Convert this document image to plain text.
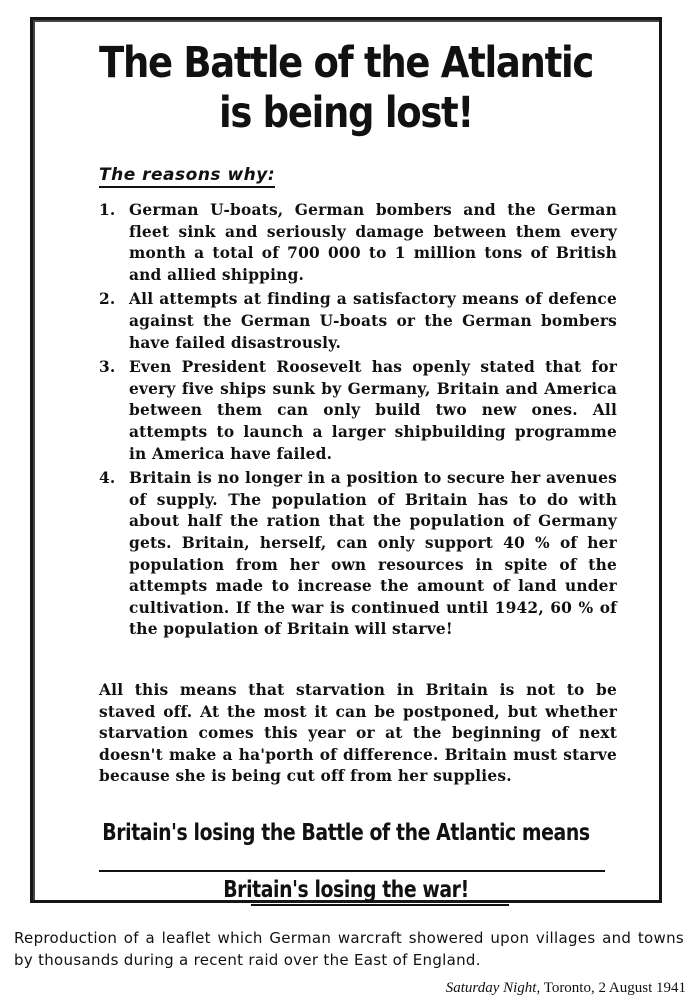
The Battle of the Atlantic
is being lost!
The reasons why:
1. German U-boats, German bombers and the German fleet sink and seriously damage between them every month a total of 700 000 to 1 million tons of British and allied shipping.
2. All attempts at finding a satisfactory means of defence against the German U-boats or the German bombers have failed disastrously.
3. Even President Roosevelt has openly stated that for every five ships sunk by Germany, Britain and America between them can only build two new ones. All attempts to launch a larger shipbuilding programme in America have failed.
4. Britain is no longer in a position to secure her avenues of supply. The population of Britain has to do with about half the ration that the population of Germany gets. Britain, herself, can only support 40 % of her population from her own resources in spite of the attempts made to increase the amount of land under cultivation. If the war is continued until 1942, 60 % of the population of Britain will starve!
All this means that starvation in Britain is not to be staved off. At the most it can be postponed, but whether starvation comes this year or at the beginning of next doesn't make a ha'porth of difference. Britain must starve because she is being cut off from her supplies.
Britain's losing the Battle of the Atlantic means
Britain's losing the war!
Reproduction of a leaflet which German warcraft showered upon villages and towns by thousands during a recent raid over the East of England.
Saturday Night, Toronto, 2 August 1941
